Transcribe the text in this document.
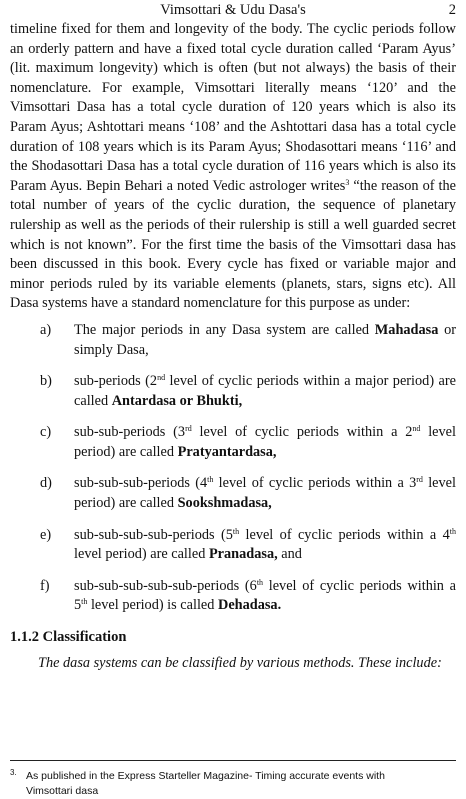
Vimsottari & Udu Dasa's	2

timeline fixed for them and longevity of the body. The cyclic periods follow an orderly pattern and have a fixed total cycle duration called ‘Param Ayus’ (lit. maximum longevity) which is often (but not always) the basis of their nomenclature. For example, Vimsottari literally means ‘120’ and the Vimsottari Dasa has a total cycle duration of 120 years which is also its Param Ayus; Ashtottari means ‘108’ and the Ashtottari dasa has a total cycle duration of 108 years which is its Param Ayus; Shodasottari means ‘116’ and the Shodasottari Dasa has a total cycle duration of 116 years which is also its Param Ayus. Bepin Behari a noted Vedic astrologer writes$^3$ “the reason of the total number of years of the cyclic duration, the sequence of planetary rulership as well as the periods of their rulership is still a well guarded secret which is not known”. For the first time the basis of the Vimsottari dasa has been discussed in this book. Every cycle has fixed or variable major and minor periods ruled by its variable elements (planets, stars, signs etc). All Dasa systems have a standard nomenclature for this purpose as under:

a) The major periods in any Dasa system are called Mahadasa or simply Dasa,
b) sub-periods (2nd level of cyclic periods within a major period) are called Antardasa or Bhukti,
c) sub-sub-periods (3rd level of cyclic periods within a 2nd level period) are called Pratyantardasa,
d) sub-sub-sub-periods (4th level of cyclic periods within a 3rd level period) are called Sookshmadasa,
e) sub-sub-sub-sub-periods (5th level of cyclic periods within a 4th level period) are called Pranadasa, and
f) sub-sub-sub-sub-sub-periods (6th level of cyclic periods within a 5th level period) is called Dehadasa.

1.1.2 Classification

The dasa systems can be classified by various methods. These include:

3. As published in the Express Starteller Magazine- Timing accurate events with
Vimsottari dasa
